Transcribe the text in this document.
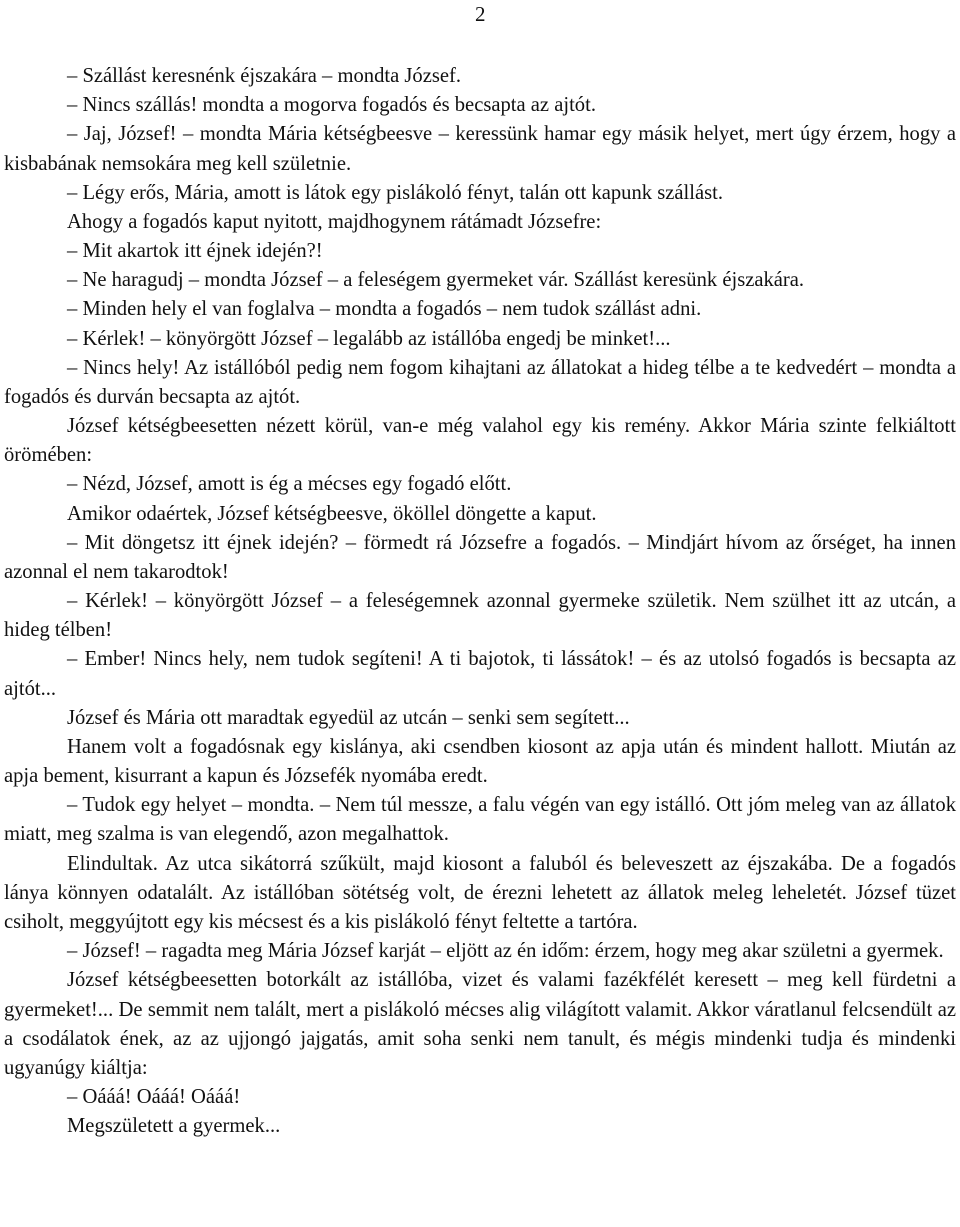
2

– Szállást keresnénk éjszakára – mondta József.

– Nincs szállás! mondta a mogorva fogadós és becsapta az ajtót.

– Jaj, József! – mondta Mária kétségbeesve – keressünk hamar egy másik helyet, mert úgy érzem, hogy a kisbabának nemsokára meg kell születnie.

– Légy erős, Mária, amott is látok egy pislákoló fényt, talán ott kapunk szállást.

Ahogy a fogadós kaput nyitott, majdhogynem rátámadt Józsefre:

– Mit akartok itt éjnek idején?!

– Ne haragudj – mondta József – a feleségem gyermeket vár. Szállást keresünk éjszakára.

– Minden hely el van foglalva – mondta a fogadós – nem tudok szállást adni.

– Kérlek! – könyörgött József – legalább az istállóba engedj be minket!...

– Nincs hely! Az istállóból pedig nem fogom kihajtani az állatokat a hideg télbe a te kedvedért – mondta a fogadós és durván becsapta az ajtót.

József kétségbeesetten nézett körül, van-e még valahol egy kis remény. Akkor Mária szinte felkiáltott örömében:

– Nézd, József, amott is ég a mécses egy fogadó előtt.

Amikor odaértek, József kétségbeesve, ököllel döngette a kaput.

– Mit döngetsz itt éjnek idején? – förmedt rá Józsefre a fogadós. – Mindjárt hívom az őrséget, ha innen azonnal el nem takarodtok!

– Kérlek! – könyörgött József – a feleségemnek azonnal gyermeke születik. Nem szülhet itt az utcán, a hideg télben!

– Ember! Nincs hely, nem tudok segíteni! A ti bajotok, ti lássátok! – és az utolsó fogadós is becsapta az ajtót...

József és Mária ott maradtak egyedül az utcán – senki sem segített...

Hanem volt a fogadósnak egy kislánya, aki csendben kiosont az apja után és mindent hallott. Miután az apja bement, kisurrant a kapun és Józsefék nyomába eredt.

– Tudok egy helyet – mondta. – Nem túl messze, a falu végén van egy istálló. Ott jóm meleg van az állatok miatt, meg szalma is van elegendő, azon megalhattok.

Elindultak. Az utca sikátorrá szűkült, majd kiosont a faluból és beleveszett az éjszakába. De a fogadós lánya könnyen odatalált. Az istállóban sötétség volt, de érezni lehetett az állatok meleg leheletét. József tüzet csiholt, meggyújtott egy kis mécsest és a kis pislákoló fényt feltette a tartóra.

– József! – ragadta meg Mária József karját – eljött az én időm: érzem, hogy meg akar születni a gyermek.

József kétségbeesetten botorkált az istállóba, vizet és valami fazékfélét keresett – meg kell fürdetni a gyermeket!... De semmit nem talált, mert a pislákoló mécses alig világított valamit. Akkor váratlanul felcsendült az a csodálatok ének, az az ujjongó jajgatás, amit soha senki nem tanult, és mégis mindenki tudja és mindenki ugyanúgy kiáltja:

– Oááá! Oááá! Oááá!

Megszületett a gyermek...
